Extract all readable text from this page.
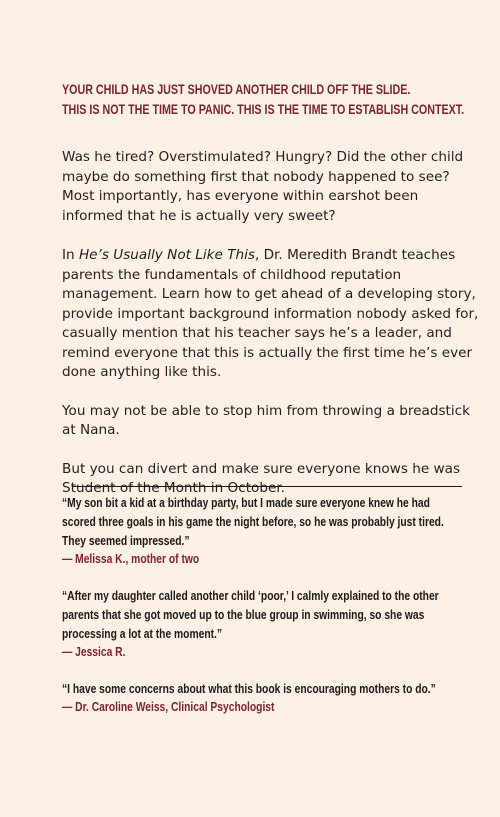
YOUR CHILD HAS JUST SHOVED ANOTHER CHILD OFF THE SLIDE.
THIS IS NOT THE TIME TO PANIC. THIS IS THE TIME TO ESTABLISH CONTEXT.

Was he tired? Overstimulated? Hungry? Did the other child maybe do something first that nobody happened to see? Most importantly, has everyone within earshot been informed that he is actually very sweet?

In He’s Usually Not Like This, Dr. Meredith Brandt teaches parents the fundamentals of childhood reputation management. Learn how to get ahead of a developing story, provide important background information nobody asked for, casually mention that his teacher says he’s a leader, and remind everyone that this is actually the first time he’s ever done anything like this.

You may not be able to stop him from throwing a breadstick at Nana.

But you can divert and make sure everyone knows he was Student of the Month in October.

“My son bit a kid at a birthday party, but I made sure everyone knew he had scored three goals in his game the night before, so he was probably just tired. They seemed impressed.”
— Melissa K., mother of two
“After my daughter called another child ‘poor,’ I calmly explained to the other parents that she got moved up to the blue group in swimming, so she was processing a lot at the moment.”
— Jessica R.
“I have some concerns about what this book is encouraging mothers to do.”
— Dr. Caroline Weiss, Clinical Psychologist
